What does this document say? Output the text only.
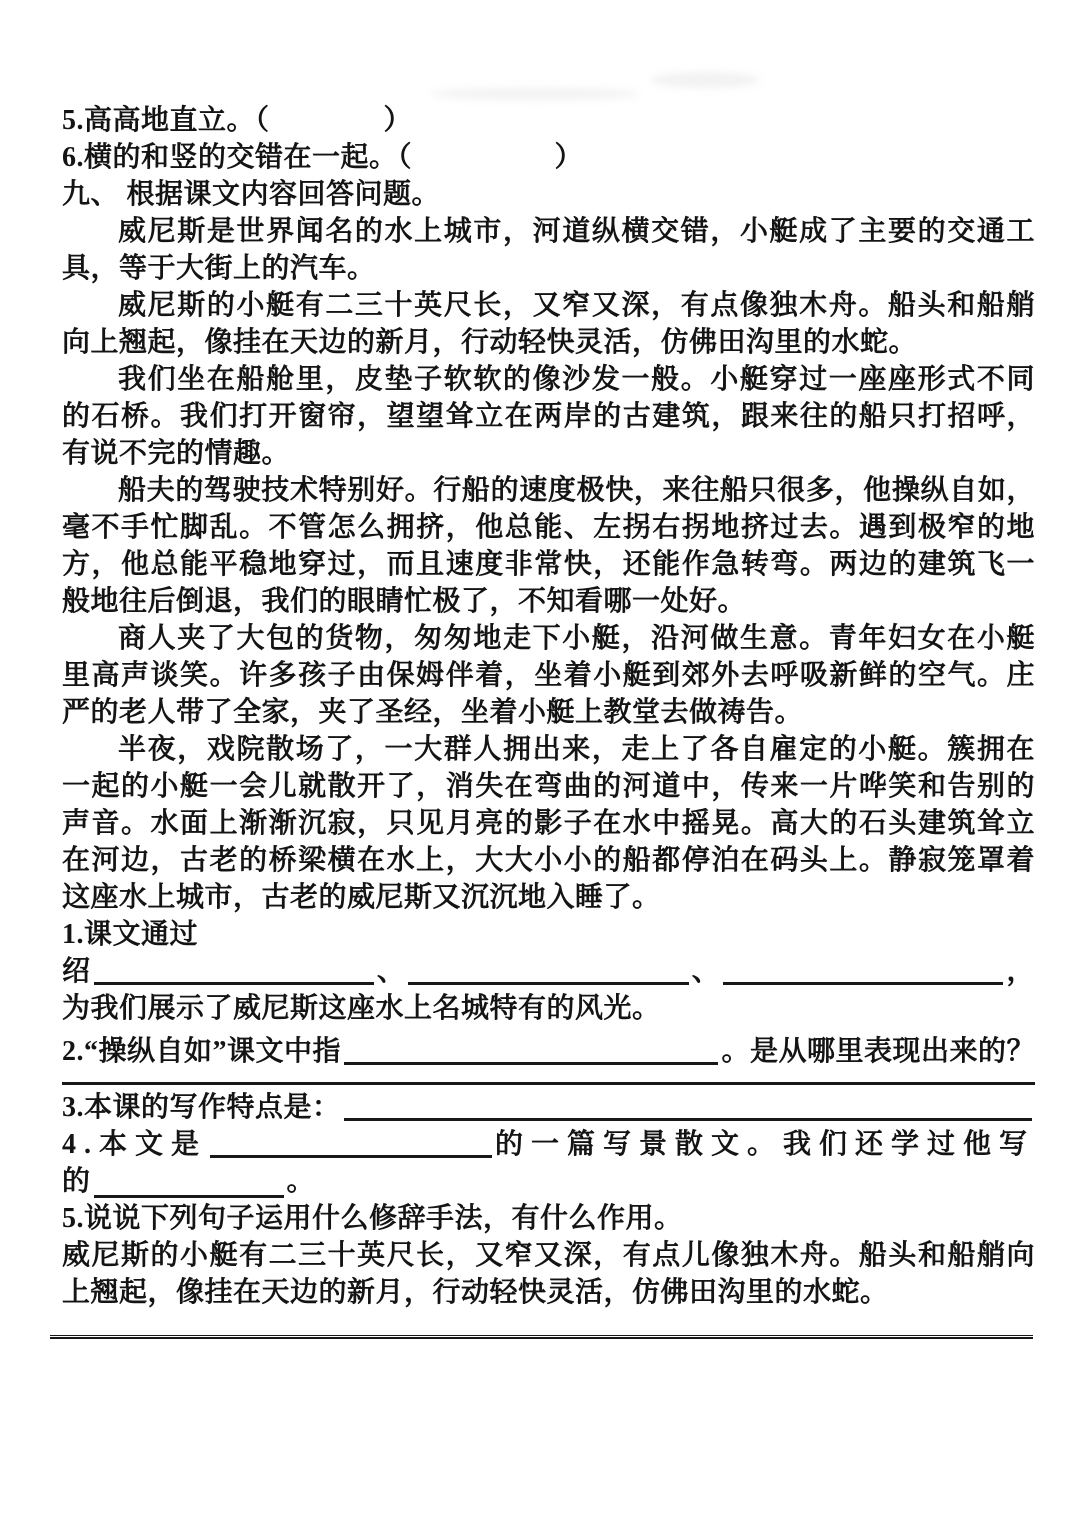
5.高高地直立。（　　　　）
6.横的和竖的交错在一起。（　　　　　）
九、 根据课文内容回答问题。
威尼斯是世界闻名的水上城市，河道纵横交错，小艇成了主要的交通工
具，等于大街上的汽车。
威尼斯的小艇有二三十英尺长，又窄又深，有点像独木舟。船头和船艄
向上翘起，像挂在天边的新月，行动轻快灵活，仿佛田沟里的水蛇。
我们坐在船舱里，皮垫子软软的像沙发一般。小艇穿过一座座形式不同
的石桥。我们打开窗帘，望望耸立在两岸的古建筑，跟来往的船只打招呼，
有说不完的情趣。
船夫的驾驶技术特别好。行船的速度极快，来往船只很多，他操纵自如，
毫不手忙脚乱。不管怎么拥挤，他总能、左拐右拐地挤过去。遇到极窄的地
方，他总能平稳地穿过，而且速度非常快，还能作急转弯。两边的建筑飞一
般地往后倒退，我们的眼睛忙极了，不知看哪一处好。
商人夹了大包的货物，匆匆地走下小艇，沿河做生意。青年妇女在小艇
里高声谈笑。许多孩子由保姆伴着，坐着小艇到郊外去呼吸新鲜的空气。庄
严的老人带了全家，夹了圣经，坐着小艇上教堂去做祷告。
半夜，戏院散场了，一大群人拥出来，走上了各自雇定的小艇。簇拥在
一起的小艇一会儿就散开了，消失在弯曲的河道中，传来一片哗笑和告别的
声音。水面上渐渐沉寂，只见月亮的影子在水中摇晃。高大的石头建筑耸立
在河边，古老的桥梁横在水上，大大小小的船都停泊在码头上。静寂笼罩着
这座水上城市，古老的威尼斯又沉沉地入睡了。
1.课文通过
绍	、	、	，
为我们展示了威尼斯这座水上名城特有的风光。
2.“操纵自如”课文中指	。是从哪里表现出来的？
3.本课的写作特点是：
4.本文是	的一篇写景散文。我们还学过他写
的	。
5.说说下列句子运用什么修辞手法，有什么作用。
威尼斯的小艇有二三十英尺长，又窄又深，有点儿像独木舟。船头和船艄向
上翘起，像挂在天边的新月，行动轻快灵活，仿佛田沟里的水蛇。
